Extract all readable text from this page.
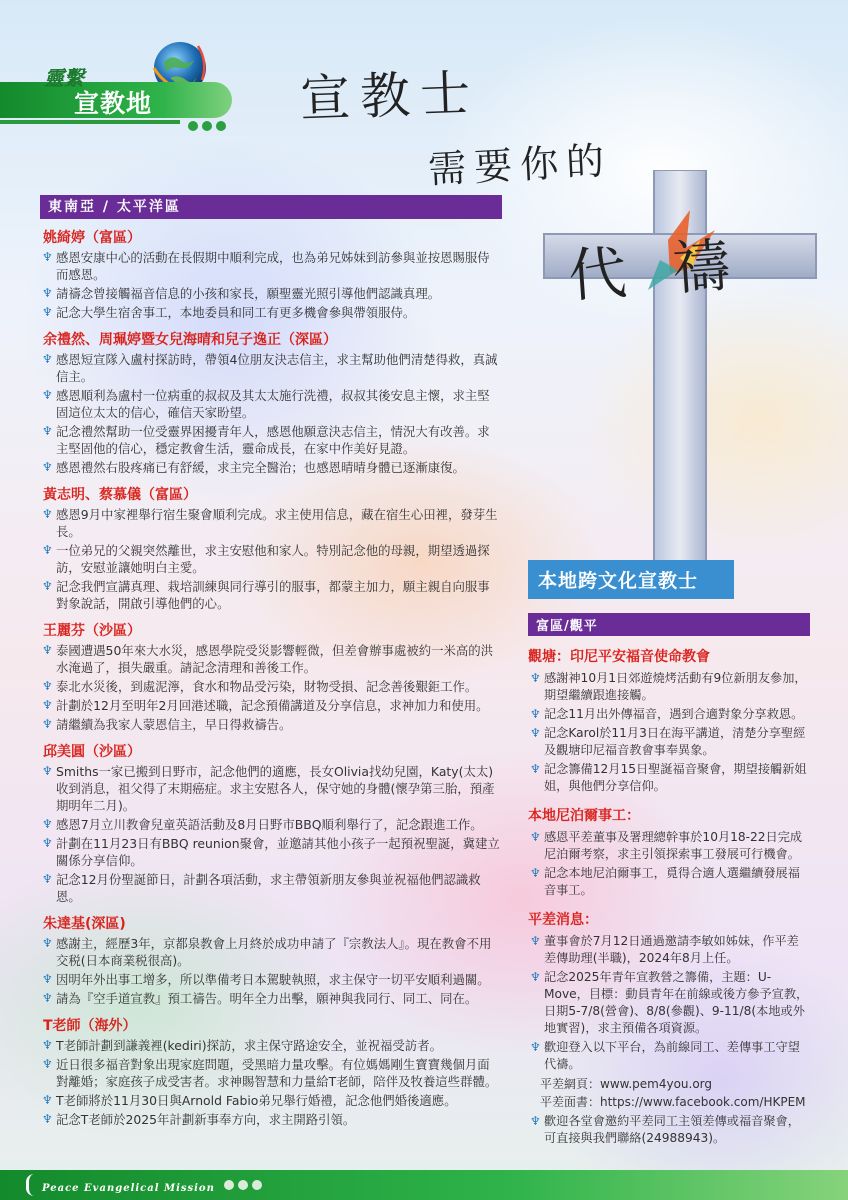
靈繫
宣教地	宣教士
需要你的
代禱
東南亞 / 太平洋區
姚綺婷（富區）
♆ 感恩安康中心的活動在長假期中順利完成，也為弟兄姊妹到訪參與並按恩賜服侍而感恩。
♆ 請禱念曾接觸福音信息的小孩和家長，願聖靈光照引導他們認識真理。
♆ 記念大學生宿舍事工，本地委員和同工有更多機會參與帶領服侍。
余禮然、周珮婷暨女兒海晴和兒子逸正（深區）
♆ 感恩短宣隊入盧村探訪時，帶領4位朋友決志信主，求主幫助他們清楚得救，真誠信主。
♆ 感恩順利為盧村一位病重的叔叔及其太太施行洗禮，叔叔其後安息主懷，求主堅固這位太太的信心，確信天家盼望。
♆ 記念禮然幫助一位受靈界困擾青年人，感恩他願意決志信主，情況大有改善。求主堅固他的信心，穩定教會生活，靈命成長，在家中作美好見證。
♆ 感恩禮然右股疼痛已有舒緩，求主完全醫治；也感恩晴晴身體已逐漸康復。
黃志明、蔡慕儀（富區）
♆ 感恩9月中家裡舉行宿生聚會順利完成。求主使用信息，藏在宿生心田裡，發芽生長。
♆ 一位弟兄的父親突然離世，求主安慰他和家人。特別記念他的母親，期望透過探訪，安慰並讓她明白主愛。
♆ 記念我們宣講真理、栽培訓練與同行導引的服事，都蒙主加力，願主親自向服事對象說話，開啟引導他們的心。
王麗芬（沙區）
♆ 泰國遭遇50年來大水災，感恩學院受災影響輕微，但差會辦事處被約一米高的洪水淹過了，損失嚴重。請記念清理和善後工作。
♆ 泰北水災後，到處泥濘，食水和物品受污染，財物受損、記念善後艱鉅工作。
♆ 計劃於12月至明年2月回港述職，記念預備講道及分享信息，求神加力和使用。
♆ 請繼續為我家人蒙恩信主，早日得救禱告。
邱美圓（沙區）
♆ Smiths一家已搬到日野市，記念他們的適應，長女Olivia找幼兒園，Katy(太太)收到消息，祖父得了末期癌症。求主安慰各人，保守她的身體(懷孕第三胎，預產期明年二月)。
♆ 感恩7月立川教會兒童英語活動及8月日野市BBQ順利舉行了，記念跟進工作。
♆ 計劃在11月23日有BBQ reunion聚會，並邀請其他小孩子一起預祝聖誕，冀建立關係分享信仰。
♆ 記念12月份聖誕節日，計劃各項活動，求主帶領新朋友參與並祝福他們認識救恩。
朱達基(深區)
♆ 感謝主，經歷3年，京都泉教會上月終於成功申請了『宗教法人』。現在教會不用交税(日本商業税很高)。
♆ 因明年外出事工增多，所以準備考日本駕駛執照，求主保守一切平安順利過關。
♆ 請為『空手道宣教』預工禱告。明年全力出擊，願神與我同行、同工、同在。
T老師（海外）
♆ T老師計劃到謙義裡(kediri)探訪，求主保守路途安全，並祝福受訪者。
♆ 近日很多福音對象出現家庭問題，受黑暗力量攻擊。有位媽媽剛生寶寶幾個月面對離婚；家庭孩子成受害者。求神賜智慧和力量給T老師，陪伴及牧養這些群體。
♆ T老師將於11月30日與Arnold Fabio弟兄舉行婚禮，記念他們婚後適應。
♆ 記念T老師於2025年計劃新事奉方向，求主開路引領。
本地跨文化宣教士
富區/觀平
觀塘：印尼平安福音使命教會
♆ 感謝神10月1日郊遊燒烤活動有9位新朋友參加，期望繼續跟進接觸。
♆ 記念11月出外傳福音，遇到合適對象分享救恩。
♆ 記念Karol於11月3日在海平講道，清楚分享聖經及觀塘印尼福音教會事奉異象。
♆ 記念籌備12月15日聖誕福音聚會，期望接觸新姐姐，與他們分享信仰。
本地尼泊爾事工：
♆ 感恩平差董事及署理總幹事於10月18-22日完成尼泊爾考察，求主引領探索事工發展可行機會。
♆ 記念本地尼泊爾事工，覓得合適人選繼續發展福音事工。
平差消息：
♆ 董事會於7月12日通過邀請李敏如姊妹，作平差差傳助理(半職)，2024年8月上任。
♆ 記念2025年青年宣教營之籌備，主題：U-Move，目標：動員青年在前線或後方參予宣教，日期5-7/8(營會)、8/8(參觀)、9-11/8(本地或外地實習)，求主預備各項資源。
♆ 歡迎登入以下平台，為前線同工、差傳事工守望代禱。
平差網頁：www.pem4you.org
平差面書：https://www.facebook.com/HKPEM
♆ 歡迎各堂會邀約平差同工主領差傳或福音聚會，可直接與我們聯絡(24988943)。
Peace Evangelical Mission
